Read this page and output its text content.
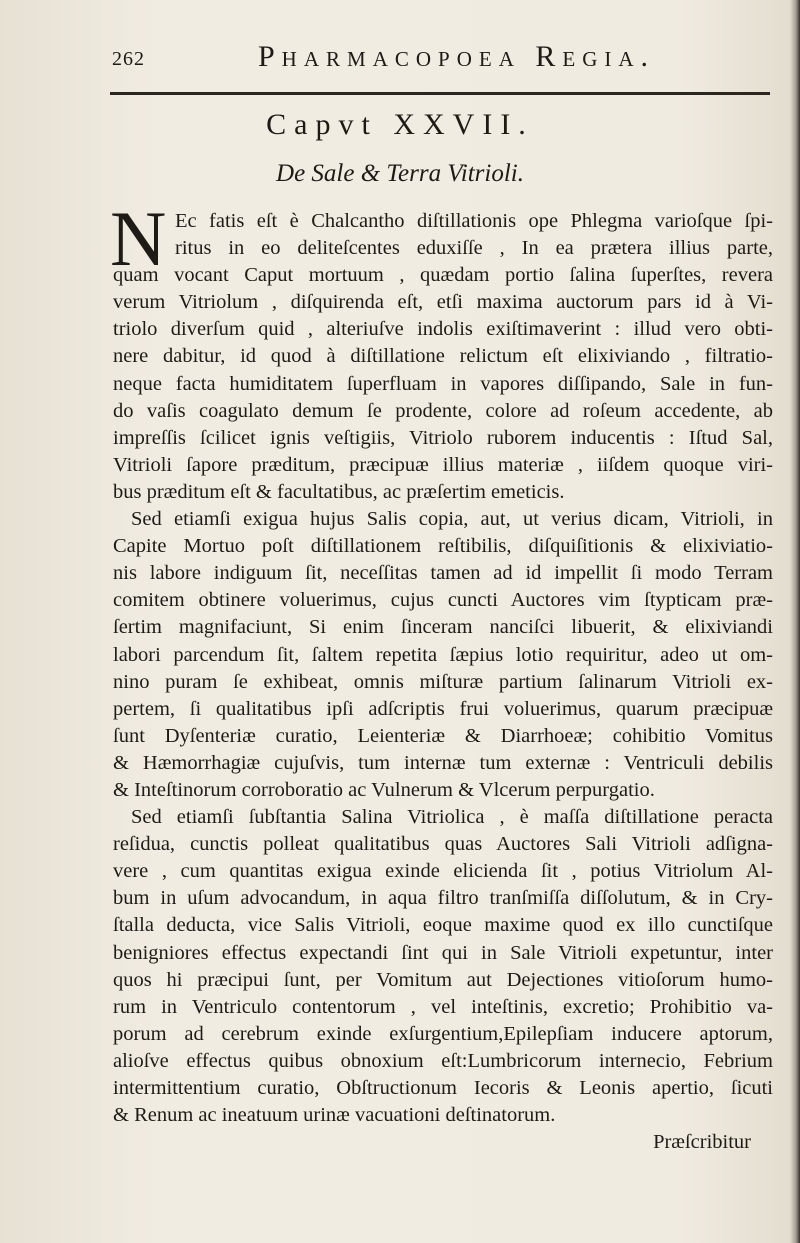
262	Pharmacopoea Regia.
Capvt XXVII.
De Sale & Terra Vitrioli.
N Ec fatis eſt è Chalcantho diſtillationis ope Phlegma varioſque ſpi-
ritus in eo deliteſcentes eduxiſſe , In ea prætera illius parte,
quam vocant Caput mortuum , quædam portio ſalina ſuperſtes, revera
verum Vitriolum , diſquirenda eſt, etſi maxima auctorum pars id à Vi-
triolo diverſum quid , alteriuſve indolis exiſtimaverint : illud vero obti-
nere dabitur, id quod à diſtillatione relictum eſt elixiviando , filtratio-
neque facta humiditatem ſuperfluam in vapores diſſipando, Sale in fun-
do vaſis coagulato demum ſe prodente, colore ad roſeum accedente, ab
impreſſis ſcilicet ignis veſtigiis, Vitriolo ruborem inducentis : Iſtud Sal,
Vitrioli ſapore præditum, præcipuæ illius materiæ , iiſdem quoque viri-
bus præditum eſt & facultatibus, ac præſertim emeticis.
Sed etiamſi exigua hujus Salis copia, aut, ut verius dicam, Vitrioli, in
Capite Mortuo poſt diſtillationem reſtibilis, diſquiſitionis & elixiviatio-
nis labore indiguum ſit, neceſſitas tamen ad id impellit ſi modo Terram
comitem obtinere voluerimus, cujus cuncti Auctores vim ſtypticam præ-
ſertim magnifaciunt, Si enim ſinceram nanciſci libuerit, & elixiviandi
labori parcendum ſit, ſaltem repetita ſæpius lotio requiritur, adeo ut om-
nino puram ſe exhibeat, omnis miſturæ partium ſalinarum Vitrioli ex-
pertem, ſi qualitatibus ipſi adſcriptis frui voluerimus, quarum præcipuæ
ſunt Dyſenteriæ curatio, Leienteriæ & Diarrhoeæ; cohibitio Vomitus
& Hæmorrhagiæ cujuſvis, tum internæ tum externæ : Ventriculi debilis
& Inteſtinorum corroboratio ac Vulnerum & Vlcerum perpurgatio.
Sed etiamſi ſubſtantia Salina Vitriolica , è maſſa diſtillatione peracta
reſidua, cunctis polleat qualitatibus quas Auctores Sali Vitrioli adſigna-
vere , cum quantitas exigua exinde elicienda ſit , potius Vitriolum Al-
bum in uſum advocandum, in aqua filtro tranſmiſſa diſſolutum, & in Cry-
ſtalla deducta, vice Salis Vitrioli, eoque maxime quod ex illo cunctiſque
benigniores effectus expectandi ſint qui in Sale Vitrioli expetuntur, inter
quos hi præcipui ſunt, per Vomitum aut Dejectiones vitioſorum humo-
rum in Ventriculo contentorum , vel inteſtinis, excretio; Prohibitio va-
porum ad cerebrum exinde exſurgentium,Epilepſiam inducere aptorum,
alioſve effectus quibus obnoxium eſt:Lumbricorum internecio, Febrium
intermittentium curatio, Obſtructionum Iecoris & Leonis apertio, ſicuti
& Renum ac ineatuum urinæ vacuationi deſtinatorum.
Præſcribitur
